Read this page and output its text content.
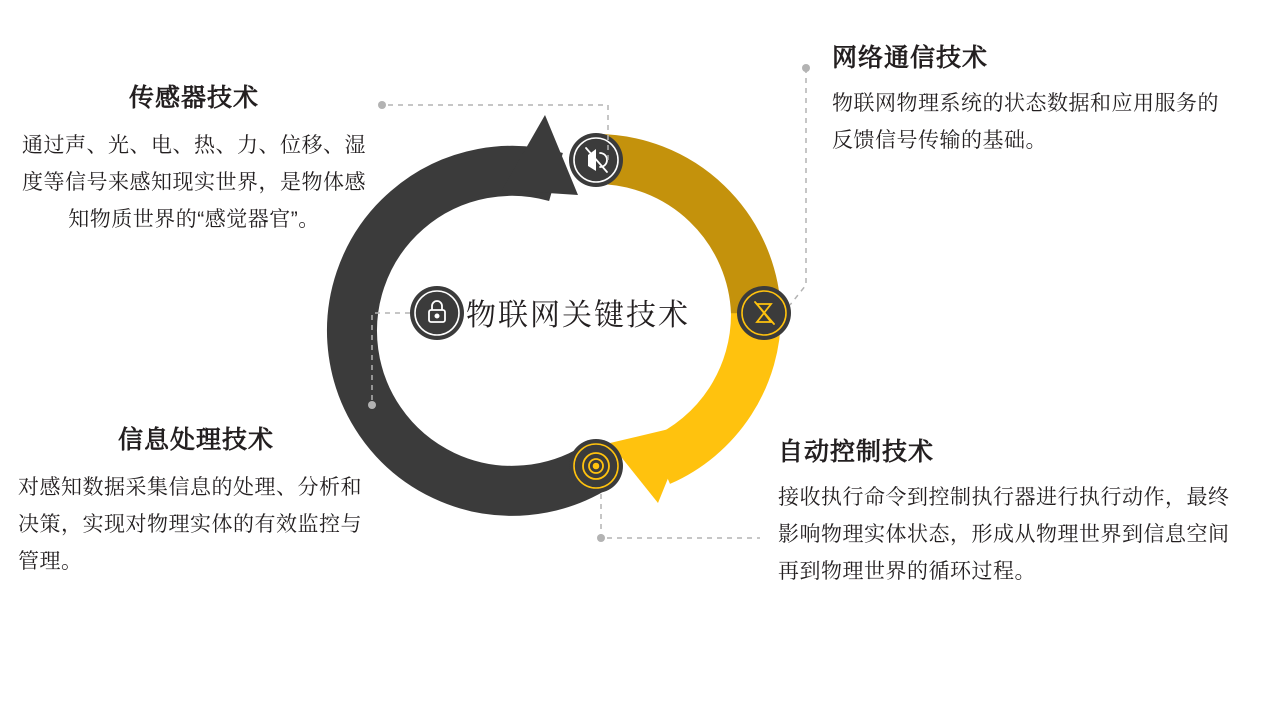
物联网关键技术
传感器技术
通过声、光、电、热、力、位移、湿度等信号来感知现实世界，是物体感知物质世界的“感觉器官”。
信息处理技术
对感知数据采集信息的处理、分析和决策，实现对物理实体的有效监控与管理。
网络通信技术
物联网物理系统的状态数据和应用服务的反馈信号传输的基础。
自动控制技术
接收执行命令到控制执行器进行执行动作，最终影响物理实体状态，形成从物理世界到信息空间再到物理世界的循环过程。
